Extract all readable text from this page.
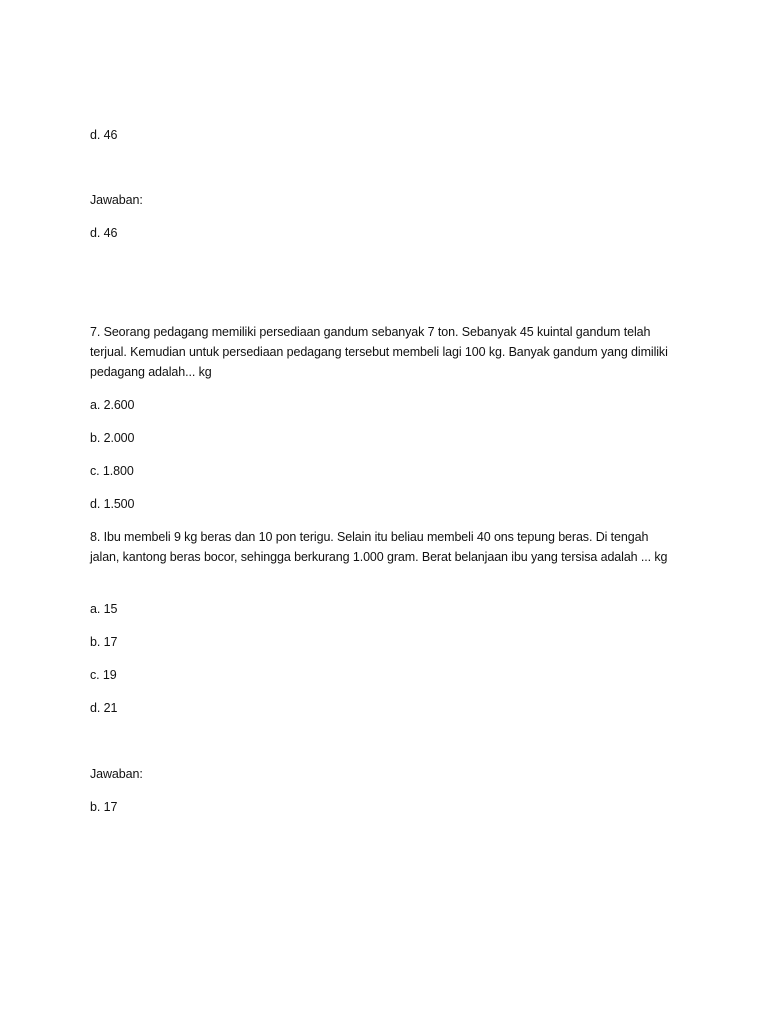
d. 46
Jawaban:
d. 46
7. Seorang pedagang memiliki persediaan gandum sebanyak 7 ton. Sebanyak 45 kuintal gandum telah terjual. Kemudian untuk persediaan pedagang tersebut membeli lagi 100 kg. Banyak gandum yang dimiliki pedagang adalah... kg
a. 2.600
b. 2.000
c. 1.800
d. 1.500
8. Ibu membeli 9 kg beras dan 10 pon terigu. Selain itu beliau membeli 40 ons tepung beras. Di tengah jalan, kantong beras bocor, sehingga berkurang 1.000 gram. Berat belanjaan ibu yang tersisa adalah ... kg
a. 15
b. 17
c. 19
d. 21
Jawaban:
b. 17
